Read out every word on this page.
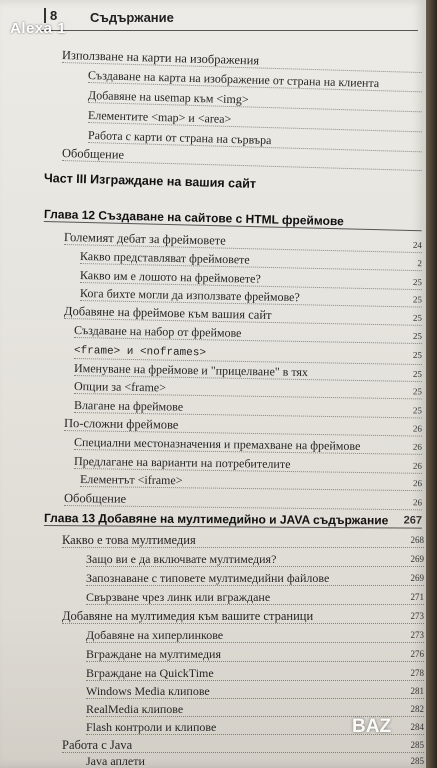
8	Съдържание
Използване на карти на изображения
Създаване на карта на изображение от страна на клиента
Добавяне на usemap към <img>
Елементите <map> и <area>
Работа с карти от страна на сървъра
Обобщение
Част III Изграждане на вашия сайт
Глава 12 Създаване на сайтове с HTML фреймове
Големият дебат за фреймовете	24
Какво представляват фреймовете	2
Какво им е лошото на фреймовете?	25
Кога бихте могли да използвате фреймове?	25
Добавяне на фреймове към вашия сайт	25
Създаване на набор от фреймове	25
<frame> и <noframes>	25
Именуване на фреймове и "прицелване" в тях	25
Опции за <frame>	25
Влагане на фреймове	25
По-сложни фреймове	26
Специални местоназначения и премахване на фреймове	26
Предлагане на варианти на потребителите	26
Елементът <iframe>	26
Обобщение	26
Глава 13 Добавяне на мултимедийно и JAVA съдържание 267
Какво е това мултимедия	268
Защо ви е да включвате мултимедия?	269
Запознаване с типовете мултимедийни файлове	269
Свързване чрез линк или вграждане	271
Добавяне на мултимедия към вашите страници	273
Добавяне на хиперлинкове	273
Вграждане на мултимедия	276
Вграждане на QuickTime	278
Windows Media клипове	281
RealMedia клипове	282
Flash контроли и клипове	284
Работа с Java	285
Java аплети	285
Alexa 1
BAZ
